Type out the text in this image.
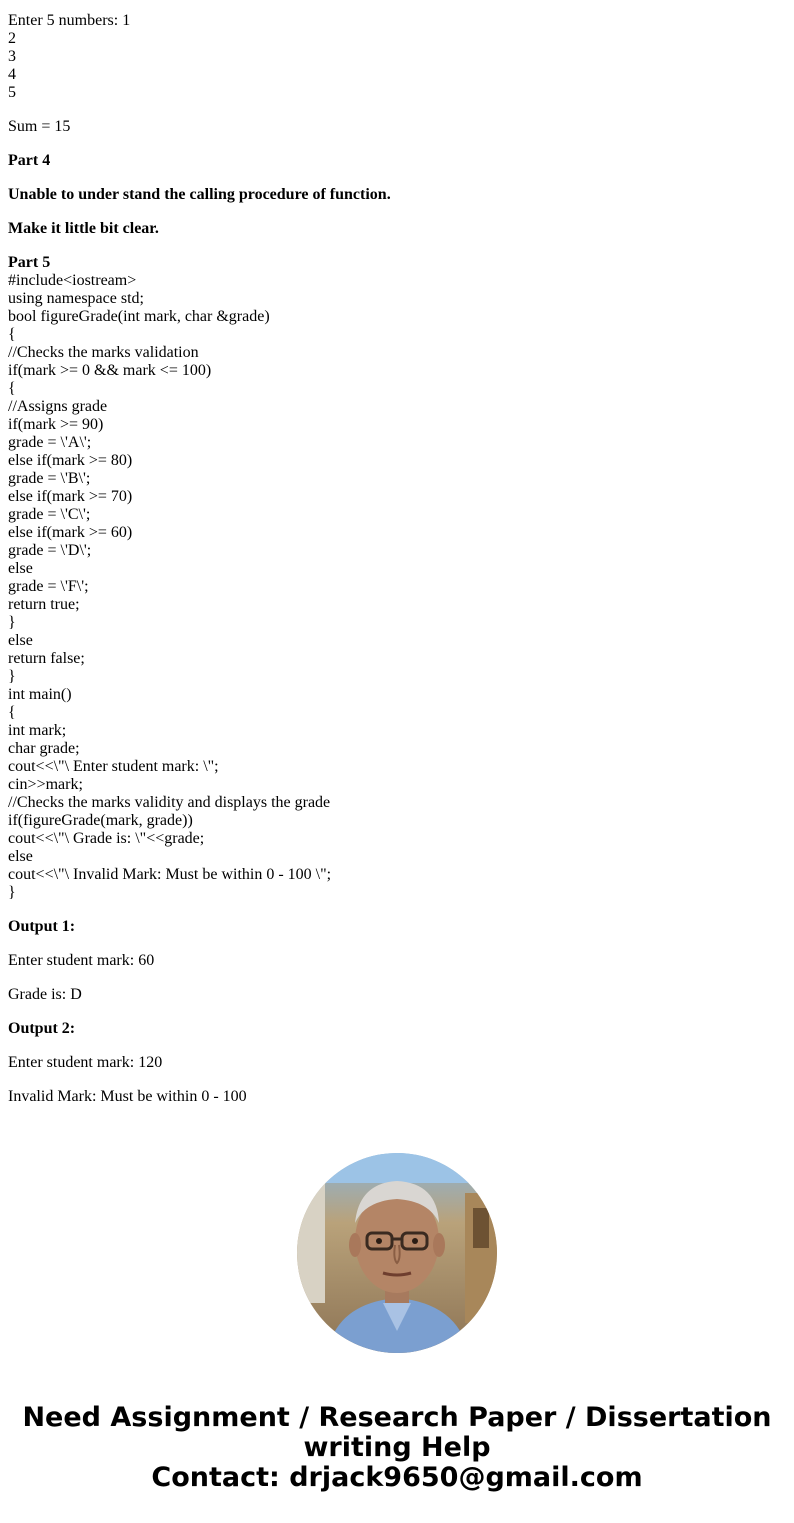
Enter 5 numbers: 1
2
3
4
5

Sum = 15

Part 4

Unable to under stand the calling procedure of function.

Make it little bit clear.

Part 5

#include<iostream>
using namespace std;
bool figureGrade(int mark, char &grade)
{
//Checks the marks validation
if(mark >= 0 && mark <= 100)
{
//Assigns grade
if(mark >= 90)
grade = \'A\';
else if(mark >= 80)
grade = \'B\';
else if(mark >= 70)
grade = \'C\';
else if(mark >= 60)
grade = \'D\';
else
grade = \'F\';
return true;
}
else
return false;
}
int main()
{
int mark;
char grade;
cout<<\"\ Enter student mark: \";
cin>>mark;
//Checks the marks validity and displays the grade
if(figureGrade(mark, grade))
cout<<\"\ Grade is: \"<<grade;
else
cout<<\"\ Invalid Mark: Must be within 0 - 100 \";
}

Output 1:

Enter student mark: 60

Grade is: D

Output 2:

Enter student mark: 120

Invalid Mark: Must be within 0 - 100

Need Assignment / Research Paper / Dissertation
writing Help
Contact: drjack9650@gmail.com
